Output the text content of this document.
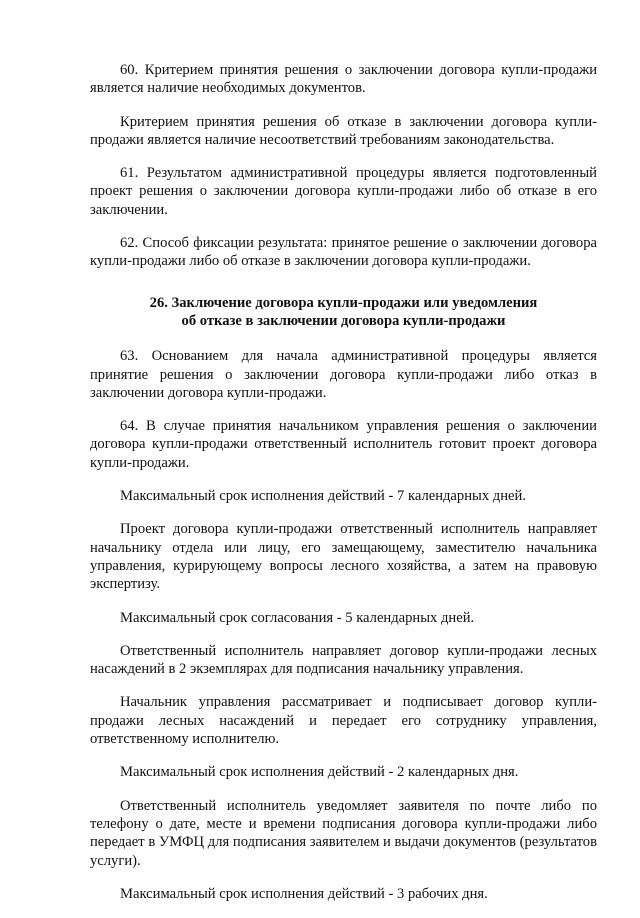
60. Критерием принятия решения о заключении договора купли-продажи является наличие необходимых документов.

Критерием принятия решения об отказе в заключении договора купли-продажи является наличие несоответствий требованиям законодательства.

61. Результатом административной процедуры является подготовленный проект решения о заключении договора купли-продажи либо об отказе в его заключении.

62. Способ фиксации результата: принятое решение о заключении договора купли-продажи либо об отказе в заключении договора купли-продажи.

26. Заключение договора купли-продажи или уведомления
об отказе в заключении договора купли-продажи

63. Основанием для начала административной процедуры является принятие решения о заключении договора купли-продажи либо отказ в заключении договора купли-продажи.

64. В случае принятия начальником управления решения о заключении договора купли-продажи ответственный исполнитель готовит проект договора купли-продажи.

Максимальный срок исполнения действий - 7 календарных дней.

Проект договора купли-продажи ответственный исполнитель направляет начальнику отдела или лицу, его замещающему, заместителю начальника управления, курирующему вопросы лесного хозяйства, а затем на правовую экспертизу.

Максимальный срок согласования - 5 календарных дней.

Ответственный исполнитель направляет договор купли-продажи лесных насаждений в 2 экземплярах для подписания начальнику управления.

Начальник управления рассматривает и подписывает договор купли-продажи лесных насаждений и передает его сотруднику управления, ответственному исполнителю.

Максимальный срок исполнения действий - 2 календарных дня.

Ответственный исполнитель уведомляет заявителя по почте либо по телефону о дате, месте и времени подписания договора купли-продажи либо передает в УМФЦ для подписания заявителем и выдачи документов (результатов услуги).

Максимальный срок исполнения действий - 3 рабочих дня.
